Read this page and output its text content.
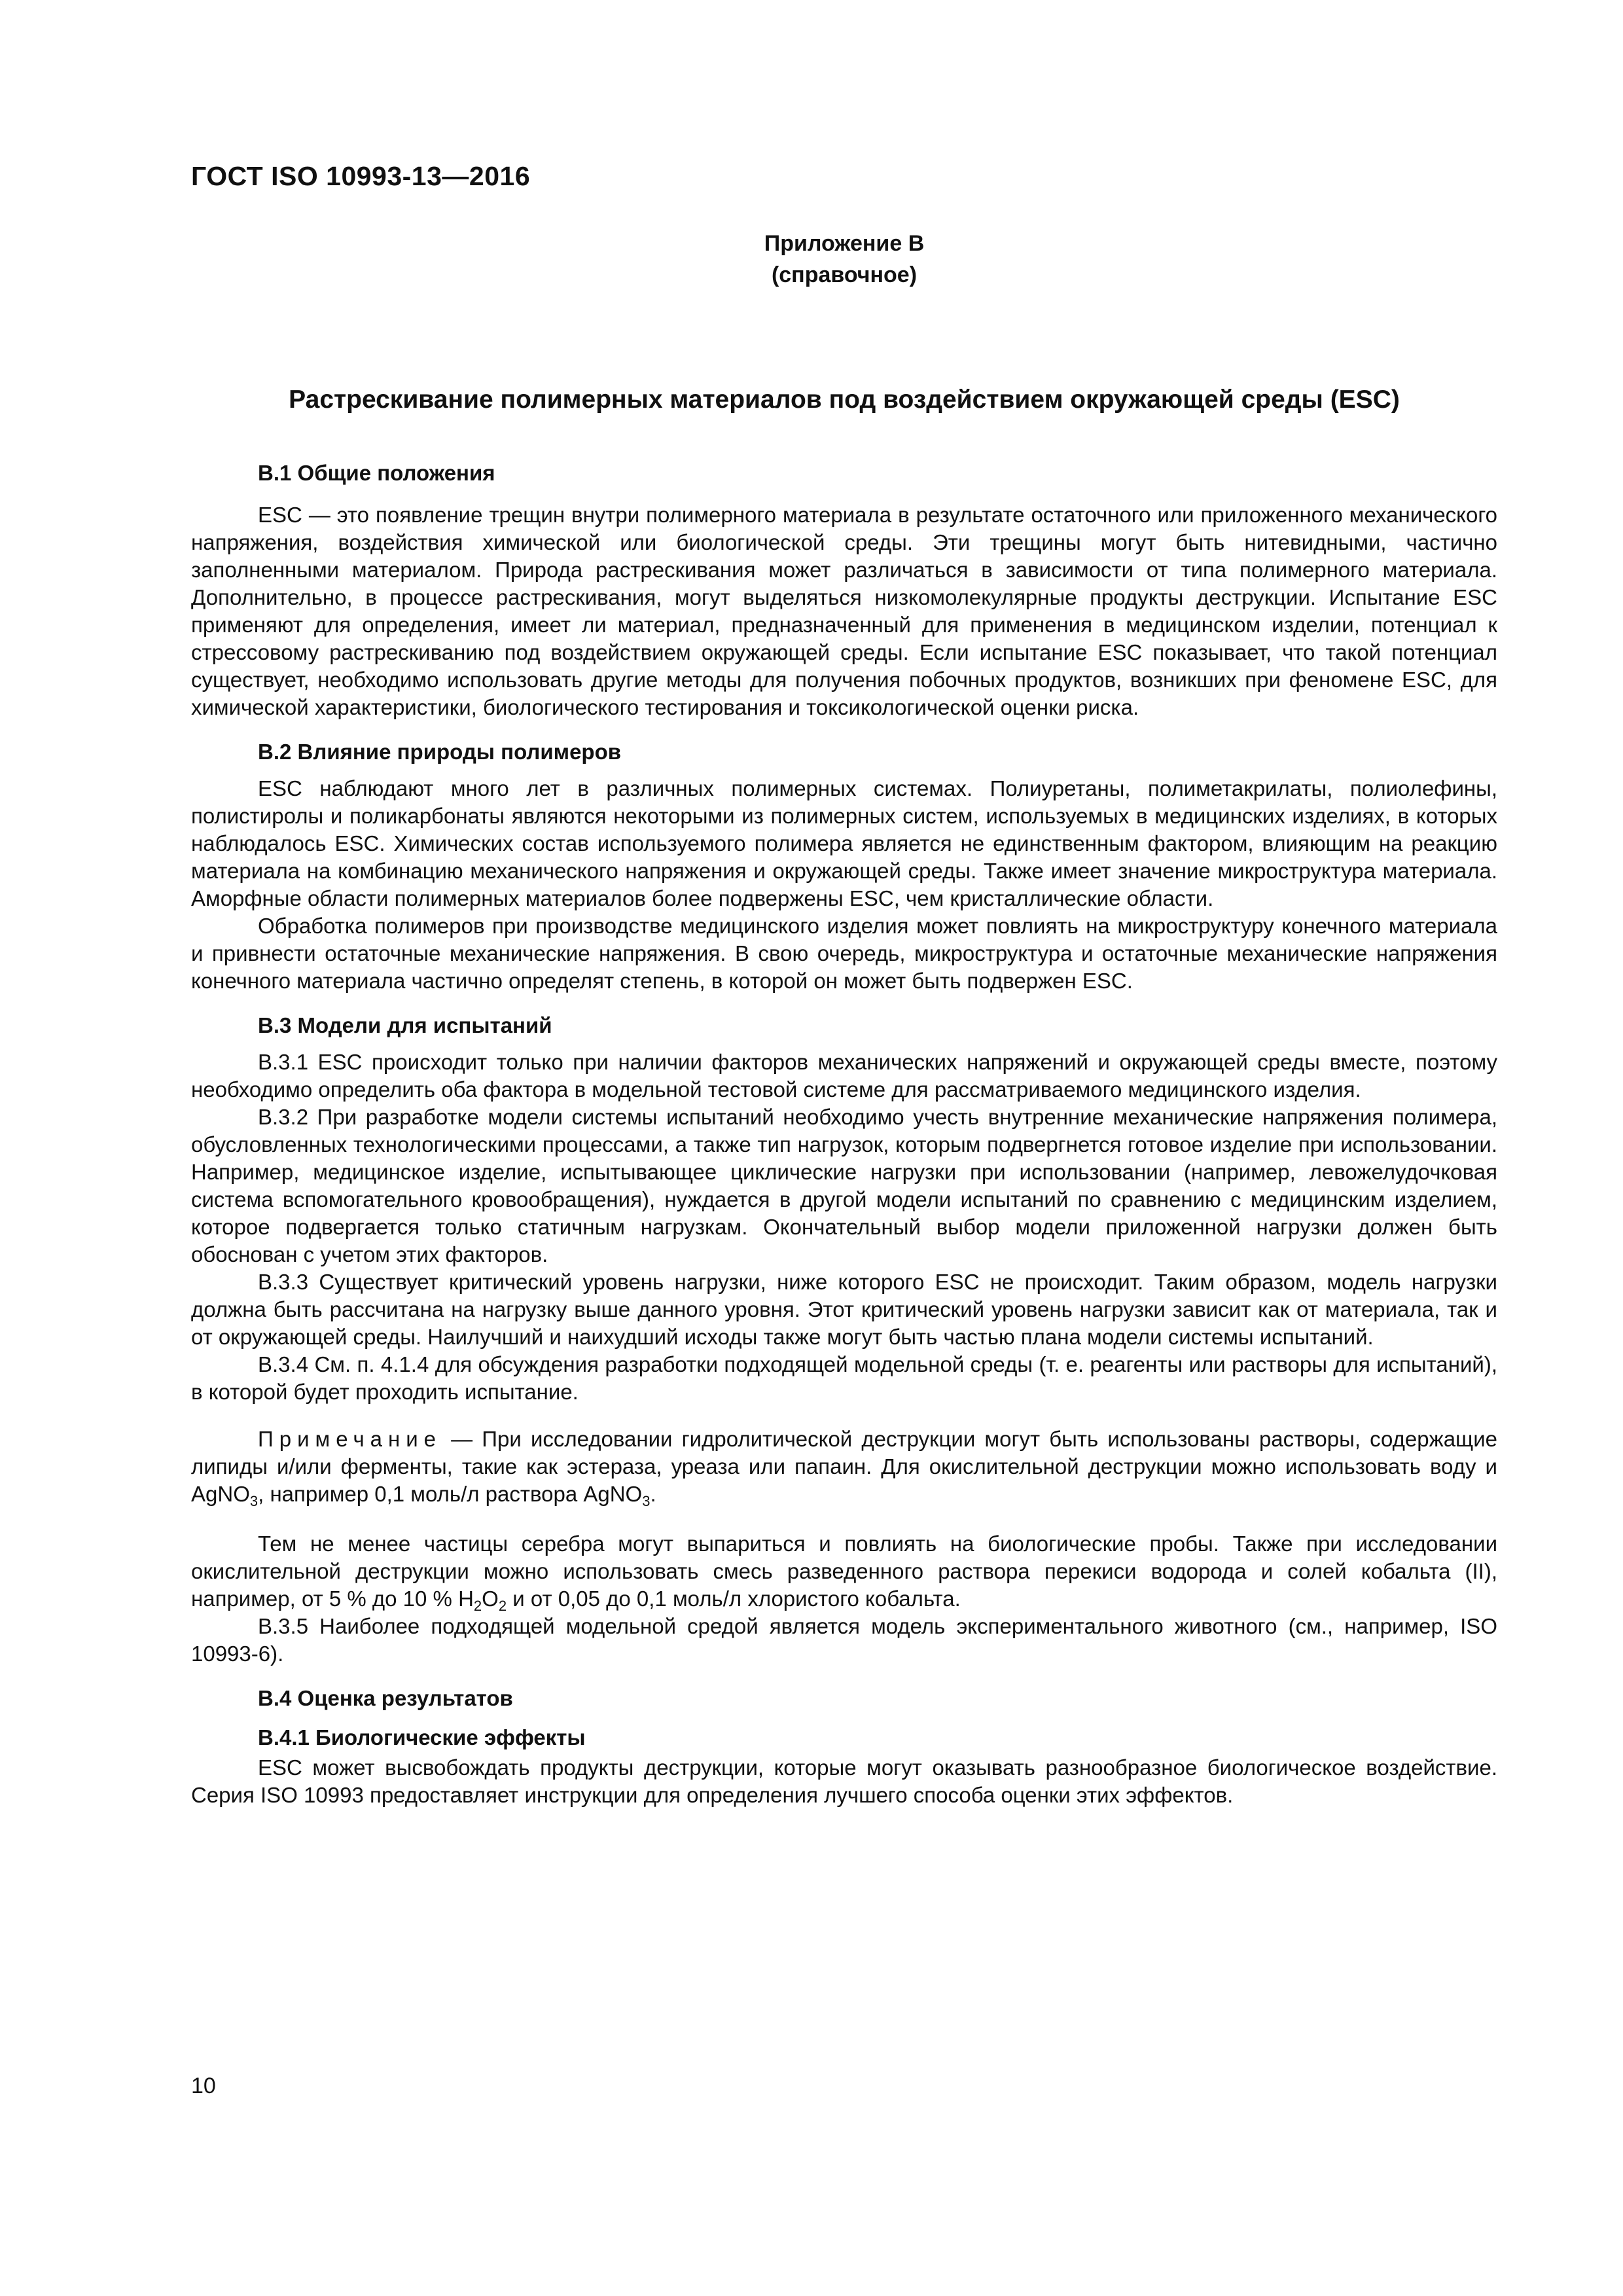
ГОСТ ISO 10993-13—2016
Приложение В
(справочное)
Растрескивание полимерных материалов под воздействием окружающей среды (ESC)
В.1 Общие положения

ESC — это появление трещин внутри полимерного материала в результате остаточного или приложенного механического напряжения, воздействия химической или биологической среды. Эти трещины могут быть нитевидными, частично заполненными материалом. Природа растрескивания может различаться в зависимости от типа полимерного материала. Дополнительно, в процессе растрескивания, могут выделяться низкомолекулярные продукты деструкции. Испытание ESC применяют для определения, имеет ли материал, предназначенный для применения в медицинском изделии, потенциал к стрессовому растрескиванию под воздействием окружающей среды. Если испытание ESC показывает, что такой потенциал существует, необходимо использовать другие методы для получения побочных продуктов, возникших при феномене ESC, для химической характеристики, биологического тестирования и токсикологической оценки риска.

В.2 Влияние природы полимеров

ESC наблюдают много лет в различных полимерных системах. Полиуретаны, полиметакрилаты, полиолефины, полистиролы и поликарбонаты являются некоторыми из полимерных систем, используемых в медицинских изделиях, в которых наблюдалось ESC. Химических состав используемого полимера является не единственным фактором, влияющим на реакцию материала на комбинацию механического напряжения и окружающей среды. Также имеет значение микроструктура материала. Аморфные области полимерных материалов более подвержены ESC, чем кристаллические области.

Обработка полимеров при производстве медицинского изделия может повлиять на микроструктуру конечного материала и привнести остаточные механические напряжения. В свою очередь, микроструктура и остаточные механические напряжения конечного материала частично определят степень, в которой он может быть подвержен ESC.

В.3 Модели для испытаний

В.3.1 ESC происходит только при наличии факторов механических напряжений и окружающей среды вместе, поэтому необходимо определить оба фактора в модельной тестовой системе для рассматриваемого медицинского изделия.

В.3.2 При разработке модели системы испытаний необходимо учесть внутренние механические напряжения полимера, обусловленных технологическими процессами, а также тип нагрузок, которым подвергнется готовое изделие при использовании. Например, медицинское изделие, испытывающее циклические нагрузки при использовании (например, левожелудочковая система вспомогательного кровообращения), нуждается в другой модели испытаний по сравнению с медицинским изделием, которое подвергается только статичным нагрузкам. Окончательный выбор модели приложенной нагрузки должен быть обоснован с учетом этих факторов.

В.3.3 Существует критический уровень нагрузки, ниже которого ESC не происходит. Таким образом, модель нагрузки должна быть рассчитана на нагрузку выше данного уровня. Этот критический уровень нагрузки зависит как от материала, так и от окружающей среды. Наилучший и наихудший исходы также могут быть частью плана модели системы испытаний.

В.3.4 См. п. 4.1.4 для обсуждения разработки подходящей модельной среды (т. е. реагенты или растворы для испытаний), в которой будет проходить испытание.

Примечание — При исследовании гидролитической деструкции могут быть использованы растворы, содержащие липиды и/или ферменты, такие как эстераза, уреаза или папаин. Для окислительной деструкции можно использовать воду и AgNO$_3$, например 0,1 моль/л раствора AgNO$_3$.

Тем не менее частицы серебра могут выпариться и повлиять на биологические пробы. Также при исследовании окислительной деструкции можно использовать смесь разведенного раствора перекиси водорода и солей кобальта (II), например, от 5 % до 10 % $H_2O_2$ и от 0,05 до 0,1 моль/л хлористого кобальта.

В.3.5 Наиболее подходящей модельной средой является модель экспериментального животного (см., например, ISO 10993-6).

В.4 Оценка результатов
В.4.1 Биологические эффекты

ESC может высвобождать продукты деструкции, которые могут оказывать разнообразное биологическое воздействие. Серия ISO 10993 предоставляет инструкции для определения лучшего способа оценки этих эффектов.

10
